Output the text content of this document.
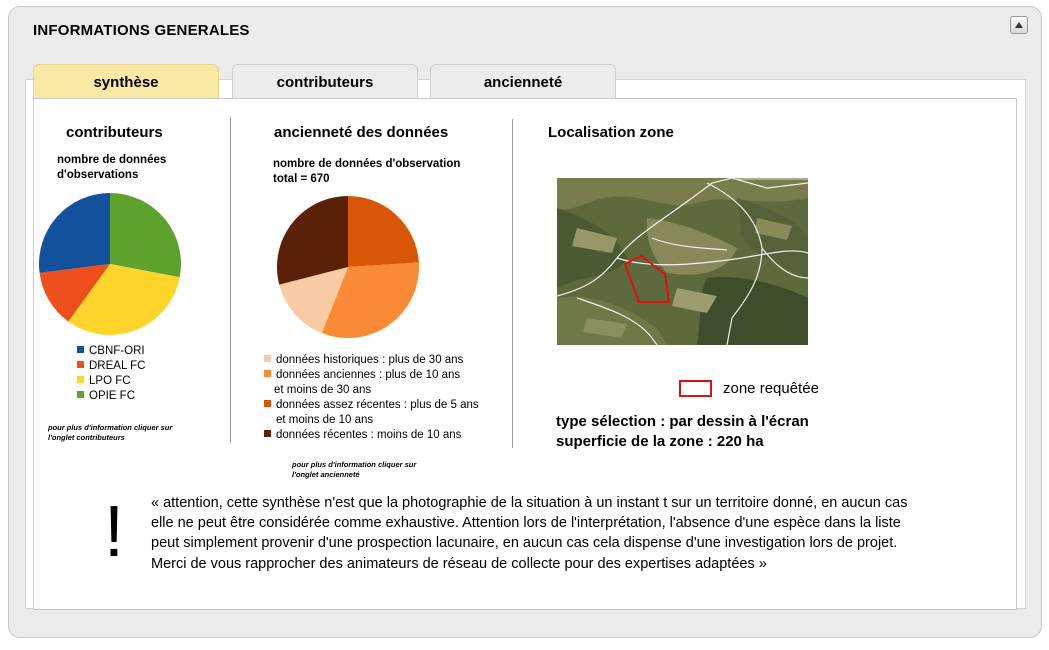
INFORMATIONS GENERALES
synthèse	contributeurs	ancienneté
contributeurs
nombre de données
d'observations
CBNF-ORI
DREAL FC
LPO FC
OPIE FC
pour plus d'information cliquer sur
l'onglet contributeurs
ancienneté des données
nombre de données d'observation
total = 670
données historiques : plus de 30 ans
données anciennes : plus de 10 ans
et moins de 30 ans
données assez récentes : plus de 5 ans
et moins de 10 ans
données récentes : moins de 10 ans
pour plus d'information cliquer sur
l'onglet ancienneté
Localisation zone
zone requêtée
type sélection : par dessin à l'écran
superficie de la zone : 220 ha
! « attention, cette synthèse n'est que la photographie de la situation à un instant t sur un territoire donné, en aucun cas elle ne peut être considérée comme exhaustive. Attention lors de l'interprétation, l'absence d'une espèce dans la liste peut simplement provenir d'une prospection lacunaire, en aucun cas cela dispense d'une investigation lors de projet. Merci de vous rapprocher des animateurs de réseau de collecte pour des expertises adaptées »
